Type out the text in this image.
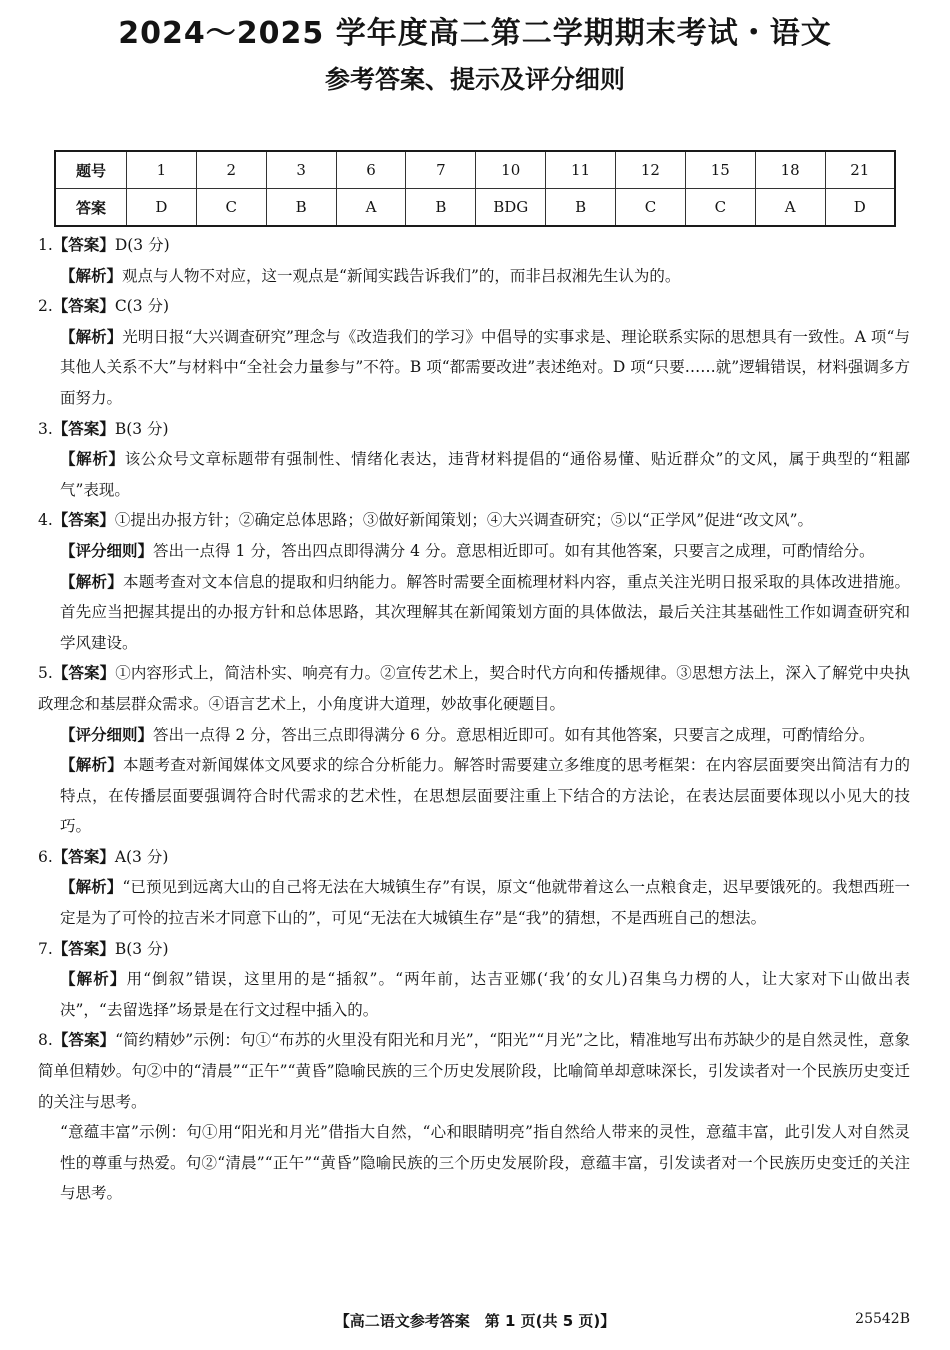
2024～2025 学年度高二第二学期期末考试・语文
参考答案、提示及评分细则
题号	1	2	3	6	7	10	11	12	15	18	21
答案	D	C	B	A	B	BDG	B	C	C	A	D
1.【答案】D(3 分)
【解析】观点与人物不对应，这一观点是“新闻实践告诉我们”的，而非吕叔湘先生认为的。
2.【答案】C(3 分)
【解析】光明日报“大兴调查研究”理念与《改造我们的学习》中倡导的实事求是、理论联系实际的思想具有一致性。A 项“与其他人关系不大”与材料中“全社会力量参与”不符。B 项“都需要改进”表述绝对。D 项“只要……就”逻辑错误，材料强调多方面努力。
3.【答案】B(3 分)
【解析】该公众号文章标题带有强制性、情绪化表达，违背材料提倡的“通俗易懂、贴近群众”的文风，属于典型的“粗鄙气”表现。
4.【答案】①提出办报方针；②确定总体思路；③做好新闻策划；④大兴调查研究；⑤以“正学风”促进“改文风”。
【评分细则】答出一点得 1 分，答出四点即得满分 4 分。意思相近即可。如有其他答案，只要言之成理，可酌情给分。
【解析】本题考查对文本信息的提取和归纳能力。解答时需要全面梳理材料内容，重点关注光明日报采取的具体改进措施。首先应当把握其提出的办报方针和总体思路，其次理解其在新闻策划方面的具体做法，最后关注其基础性工作如调查研究和学风建设。
5.【答案】①内容形式上，简洁朴实、响亮有力。②宣传艺术上，契合时代方向和传播规律。③思想方法上，深入了解党中央执政理念和基层群众需求。④语言艺术上，小角度讲大道理，妙故事化硬题目。
【评分细则】答出一点得 2 分，答出三点即得满分 6 分。意思相近即可。如有其他答案，只要言之成理，可酌情给分。
【解析】本题考查对新闻媒体文风要求的综合分析能力。解答时需要建立多维度的思考框架：在内容层面要突出简洁有力的特点，在传播层面要强调符合时代需求的艺术性，在思想层面要注重上下结合的方法论，在表达层面要体现以小见大的技巧。
6.【答案】A(3 分)
【解析】“已预见到远离大山的自己将无法在大城镇生存”有误，原文“他就带着这么一点粮食走，迟早要饿死的。我想西班一定是为了可怜的拉吉米才同意下山的”，可见“无法在大城镇生存”是“我”的猜想，不是西班自己的想法。
7.【答案】B(3 分)
【解析】用“倒叙”错误，这里用的是“插叙”。“两年前，达吉亚娜(‘我’的女儿)召集乌力楞的人，让大家对下山做出表决”，“去留选择”场景是在行文过程中插入的。
8.【答案】“简约精妙”示例：句①“布苏的火里没有阳光和月光”，“阳光”“月光”之比，精准地写出布苏缺少的是自然灵性，意象简单但精妙。句②中的“清晨”“正午”“黄昏”隐喻民族的三个历史发展阶段，比喻简单却意味深长，引发读者对一个民族历史变迁的关注与思考。
“意蕴丰富”示例：句①用“阳光和月光”借指大自然，“心和眼睛明亮”指自然给人带来的灵性，意蕴丰富，此引发人对自然灵性的尊重与热爱。句②“清晨”“正午”“黄昏”隐喻民族的三个历史发展阶段，意蕴丰富，引发读者对一个民族历史变迁的关注与思考。
【高二语文参考答案　第 1 页(共 5 页)】	25542B
